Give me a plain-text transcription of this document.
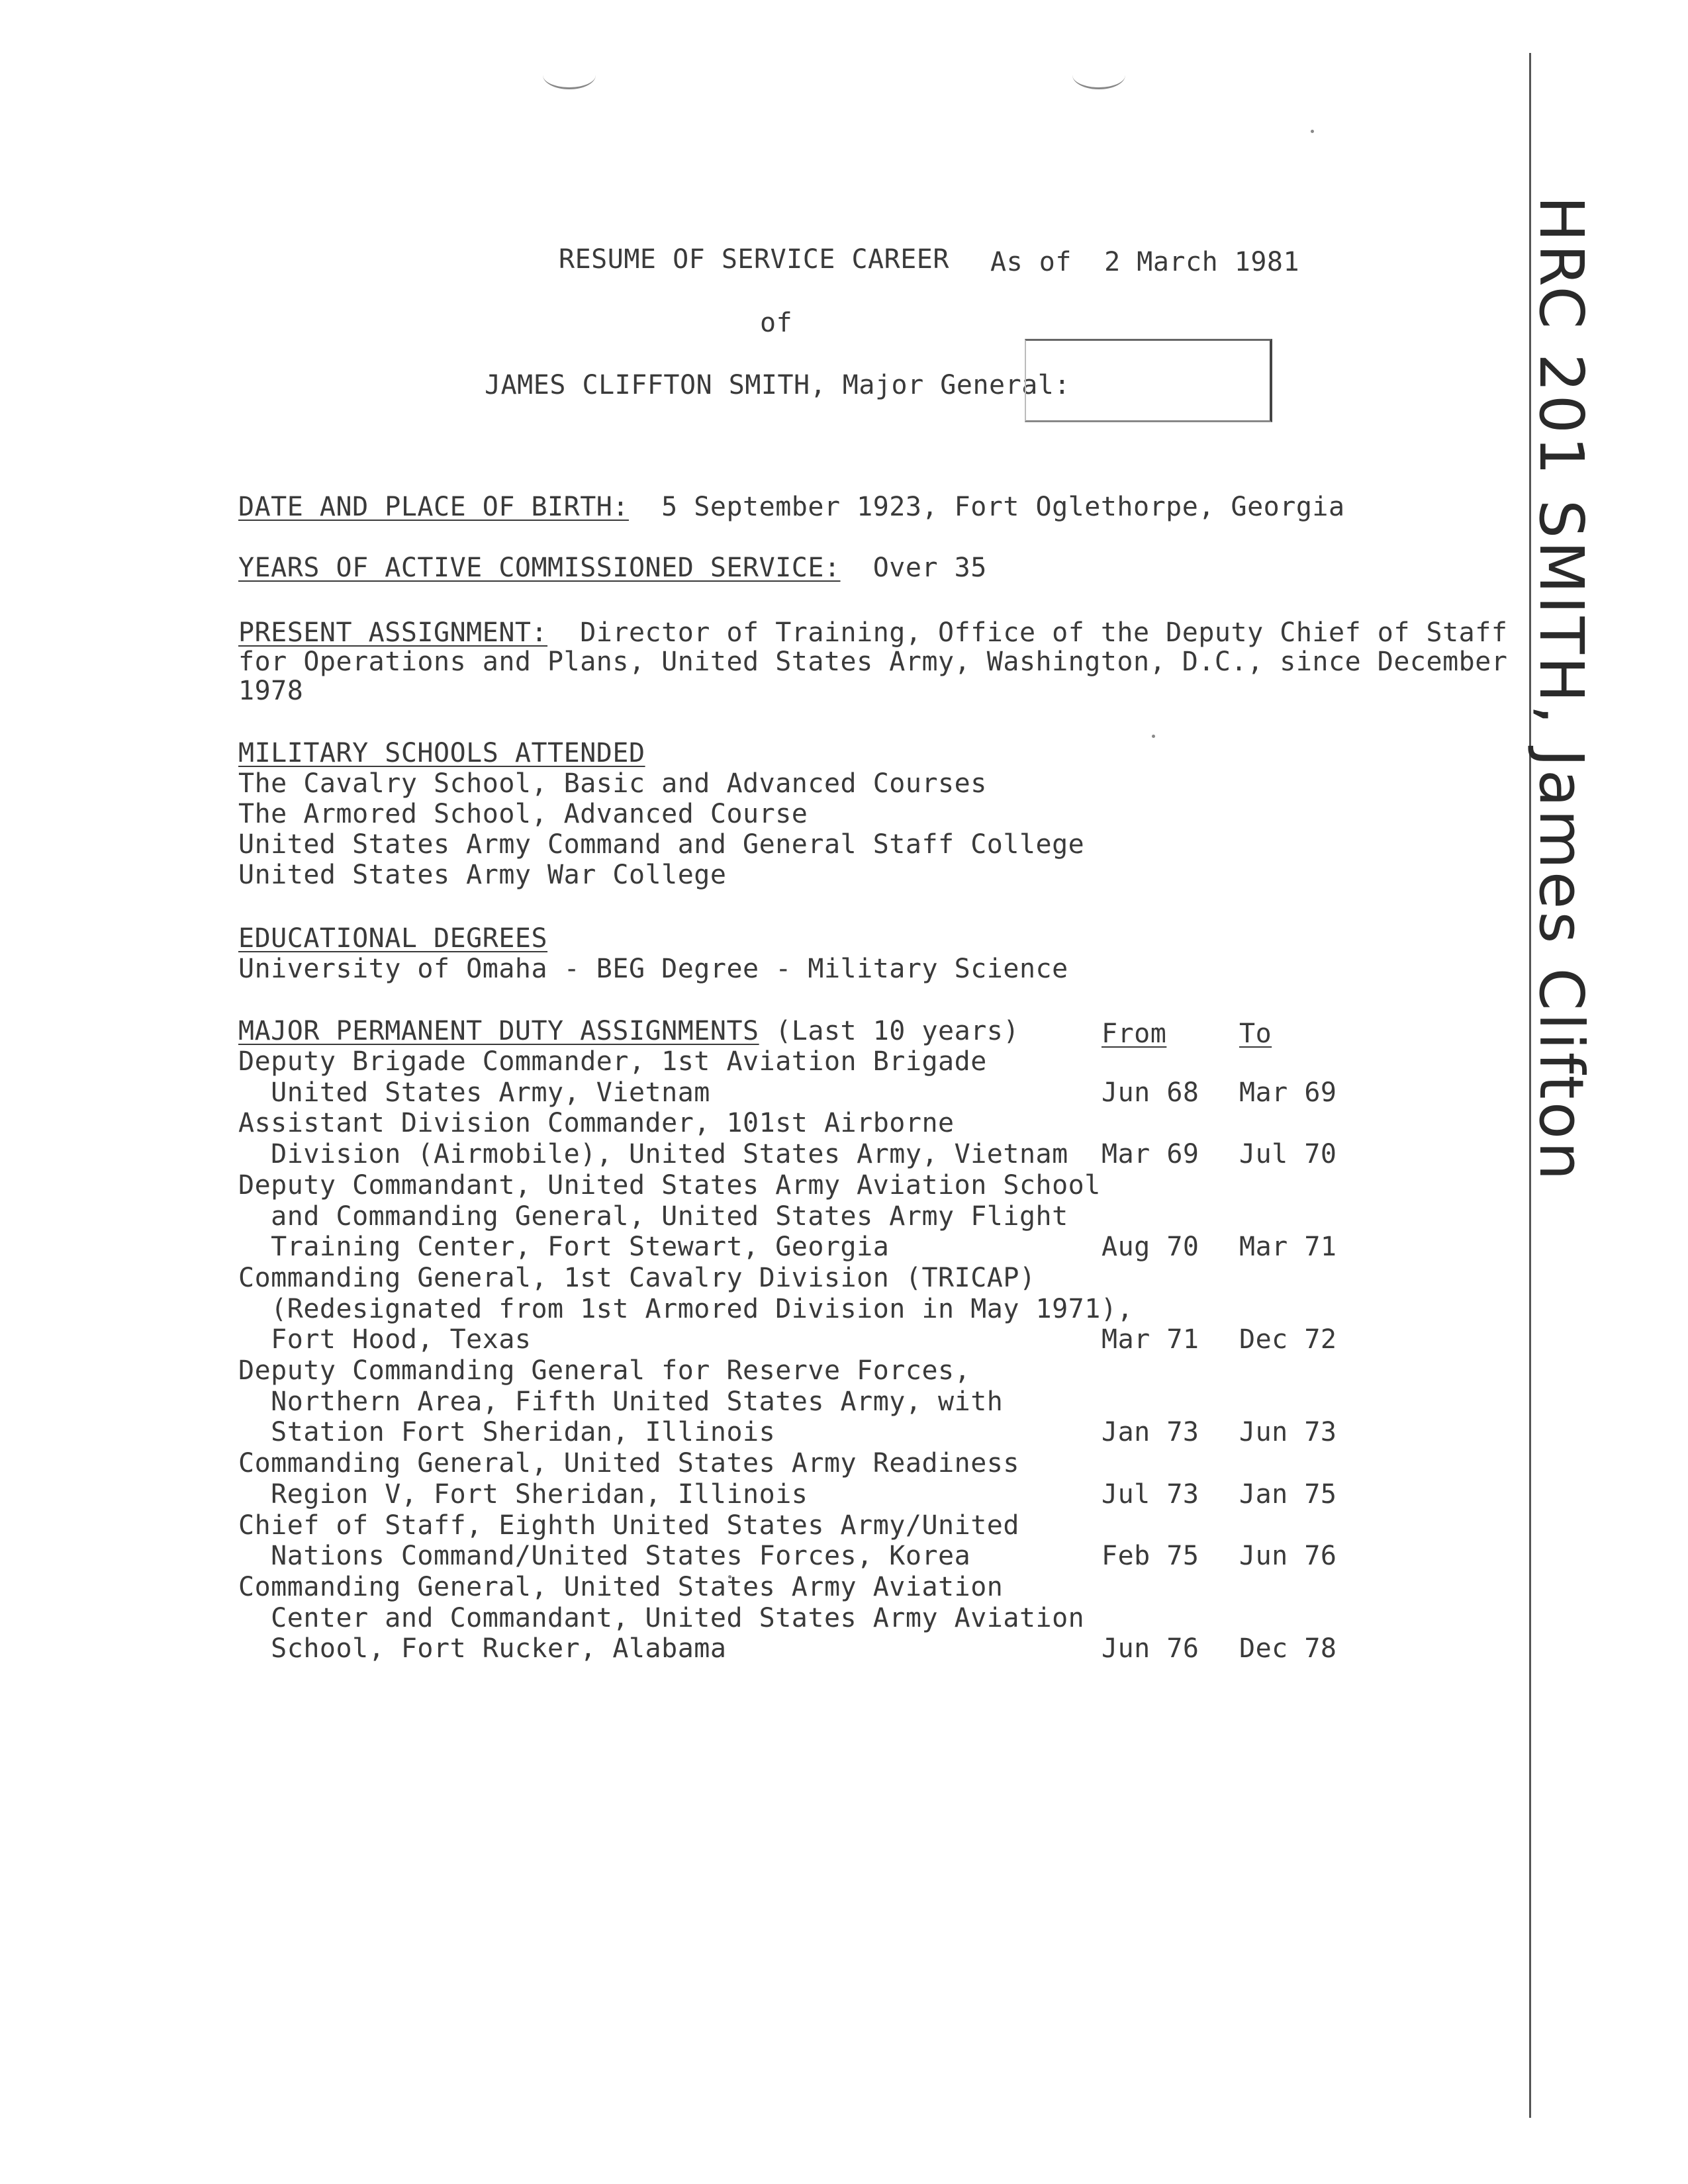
RESUME OF SERVICE CAREER As of  2 March 1981
of
JAMES CLIFFTON SMITH, Major General:
DATE AND PLACE OF BIRTH:  5 September 1923, Fort Oglethorpe, Georgia
YEARS OF ACTIVE COMMISSIONED SERVICE:  Over 35
PRESENT ASSIGNMENT:  Director of Training, Office of the Deputy Chief of Staff
for Operations and Plans, United States Army, Washington, D.C., since December
1978
MILITARY SCHOOLS ATTENDED
The Cavalry School, Basic and Advanced Courses
The Armored School, Advanced Course
United States Army Command and General Staff College
United States Army War College
EDUCATIONAL DEGREES
University of Omaha - BEG Degree - Military Science
MAJOR PERMANENT DUTY ASSIGNMENTS (Last 10 years)	From	To
Deputy Brigade Commander, 1st Aviation Brigade
United States Army, Vietnam
Assistant Division Commander, 101st Airborne
Division (Airmobile), United States Army, Vietnam
Deputy Commandant, United States Army Aviation School
and Commanding General, United States Army Flight
Training Center, Fort Stewart, Georgia
Commanding General, 1st Cavalry Division (TRICAP)
(Redesignated from 1st Armored Division in May 1971),
Fort Hood, Texas
Deputy Commanding General for Reserve Forces,
Northern Area, Fifth United States Army, with
Station Fort Sheridan, Illinois
Commanding General, United States Army Readiness
Region V, Fort Sheridan, Illinois
Chief of Staff, Eighth United States Army/United
Nations Command/United States Forces, Korea
Commanding General, United States Army Aviation
Center and Commandant, United States Army Aviation
School, Fort Rucker, Alabama
Jun 68 Mar 69
Mar 69 Jul 70
Aug 70 Mar 71
Mar 71 Dec 72
Jan 73 Jun 73
Jul 73 Jan 75
Feb 75 Jun 76
Jun 76 Dec 78
HRC 201 SMITH, James Clifton
